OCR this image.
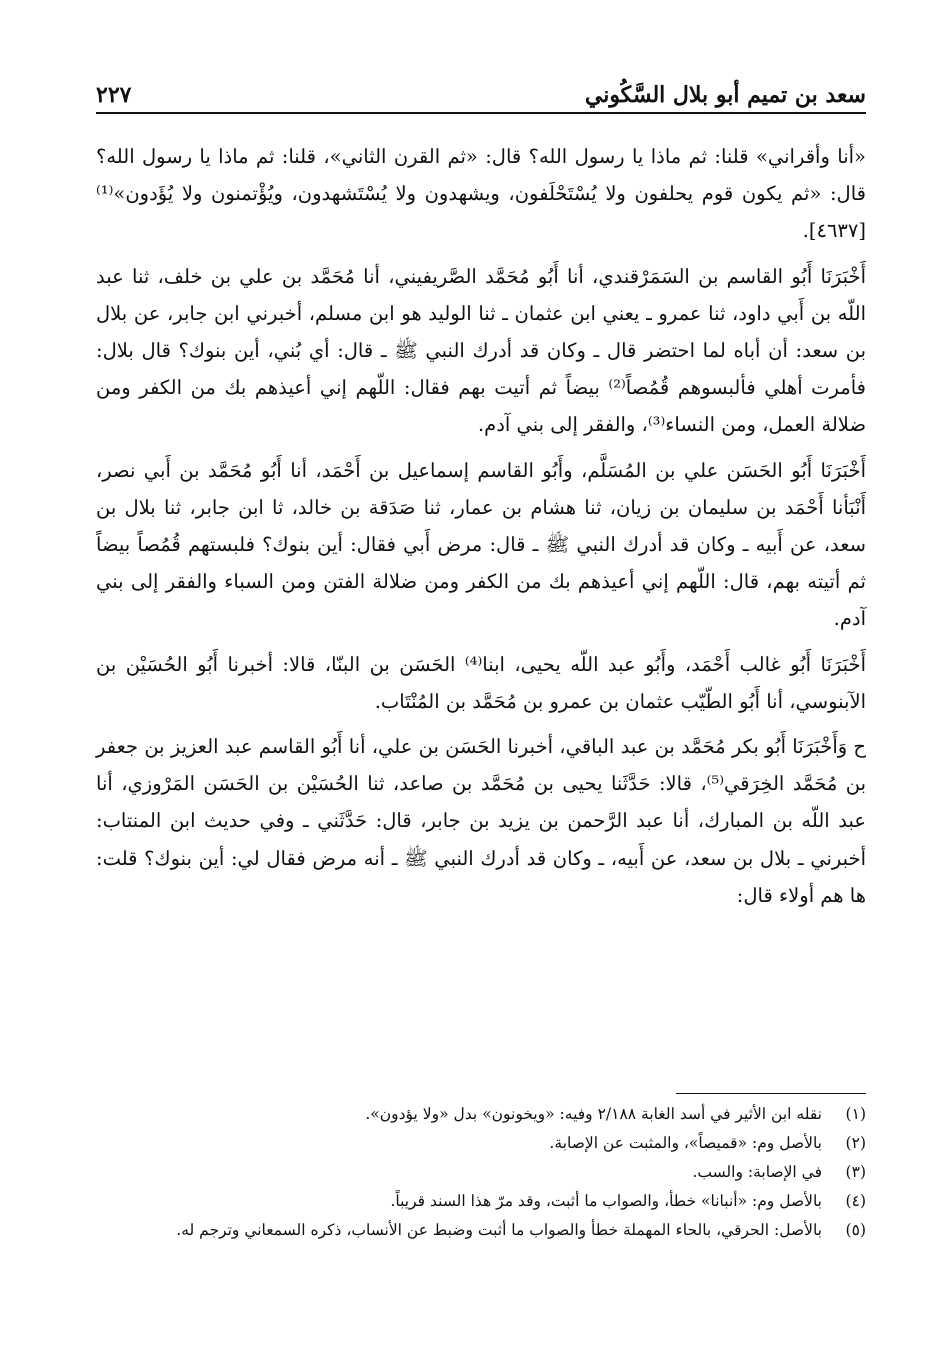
سعد بن تميم أبو بلال السَّكُوني
٢٢٧

«أنا وأقراني» قلنا: ثم ماذا يا رسول الله؟ قال: «ثم القرن الثاني»، قلنا: ثم ماذا يا رسول الله؟ قال: «ثم يكون قوم يحلفون ولا يُسْتَحْلَفون، ويشهدون ولا يُسْتَشهدون، ويُؤْتمنون ولا يُؤَدون»⁽¹⁾[٤٦٣٧].

أَخْبَرَنَا أَبُو القاسم بن السَمَرْقندي، أنا أَبُو مُحَمَّد الصَّريفيني، أنا مُحَمَّد بن علي بن خلف، ثنا عبد اللّه بن أَبي داود، ثنا عمرو ـ يعني ابن عثمان ـ ثنا الوليد هو ابن مسلم، أخبرني ابن جابر، عن بلال بن سعد: أن أباه لما احتضر قال ـ وكان قد أدرك النبي ﷺ ـ قال: أي بُني، أين بنوك؟ قال بلال: فأمرت أهلي فألبسوهم قُمُصاً⁽²⁾ بيضاً ثم أتيت بهم فقال: اللّهم إني أعيذهم بك من الكفر ومن ضلالة العمل، ومن النساء⁽³⁾، والفقر إلى بني آدم.

أَخْبَرَنَا أَبُو الحَسَن علي بن المُسَلَّم، وأَبُو القاسم إسماعيل بن أَحْمَد، أنا أَبُو مُحَمَّد بن أَبي نصر، أَنْبَأنا أَحْمَد بن سليمان بن زيان، ثنا هشام بن عمار، ثنا صَدَقة بن خالد، ثا ابن جابر، ثنا بلال بن سعد، عن أَبيه ـ وكان قد أدرك النبي ﷺ ـ قال: مرض أَبي فقال: أين بنوك؟ فلبستهم قُمُصاً بيضاً ثم أتيته بهم، قال: اللّهم إني أعيذهم بك من الكفر ومن ضلالة الفتن ومن السباء والفقر إلى بني آدم.

أَخْبَرَنَا أَبُو غالب أَحْمَد، وأَبُو عبد اللّه يحيى، ابنا⁽⁴⁾ الحَسَن بن البنّا، قالا: أخبرنا أَبُو الحُسَيْن بن الآبنوسي، أنا أَبُو الطّيّب عثمان بن عمرو بن مُحَمَّد بن المُنْتَاب.

ح وَأَخْبَرَنَا أَبُو بكر مُحَمَّد بن عبد الباقي، أخبرنا الحَسَن بن علي، أنا أَبُو القاسم عبد العزيز بن جعفر بن مُحَمَّد الخِرَقي⁽⁵⁾، قالا: حَدَّثَنا يحيى بن مُحَمَّد بن صاعد، ثنا الحُسَيْن بن الحَسَن المَرْوزي، أنا عبد اللّه بن المبارك، أنا عبد الرَّحمن بن يزيد بن جابر، قال: حَدَّثَني ـ وفي حديث ابن المنتاب: أخبرني ـ بلال بن سعد، عن أَبيه، ـ وكان قد أدرك النبي ﷺ ـ أنه مرض فقال لي: أين بنوك؟ قلت: ها هم أولاء قال:

(١)
نقله ابن الأثير في أسد الغابة ٢/١٨٨ وفيه: «ويخونون» بدل «ولا يؤدون».
(٢)
بالأصل وم: «قميصاً»، والمثبت عن الإصابة.
(٣)
في الإصابة: والسب.
(٤)
بالأصل وم: «أنبانا» خطأ، والصواب ما أثبت، وقد مرّ هذا السند قريباً.
(٥)
بالأصل: الحرقي، بالحاء المهملة خطأ والصواب ما أثبت وضبط عن الأنساب، ذكره السمعاني وترجم له.
